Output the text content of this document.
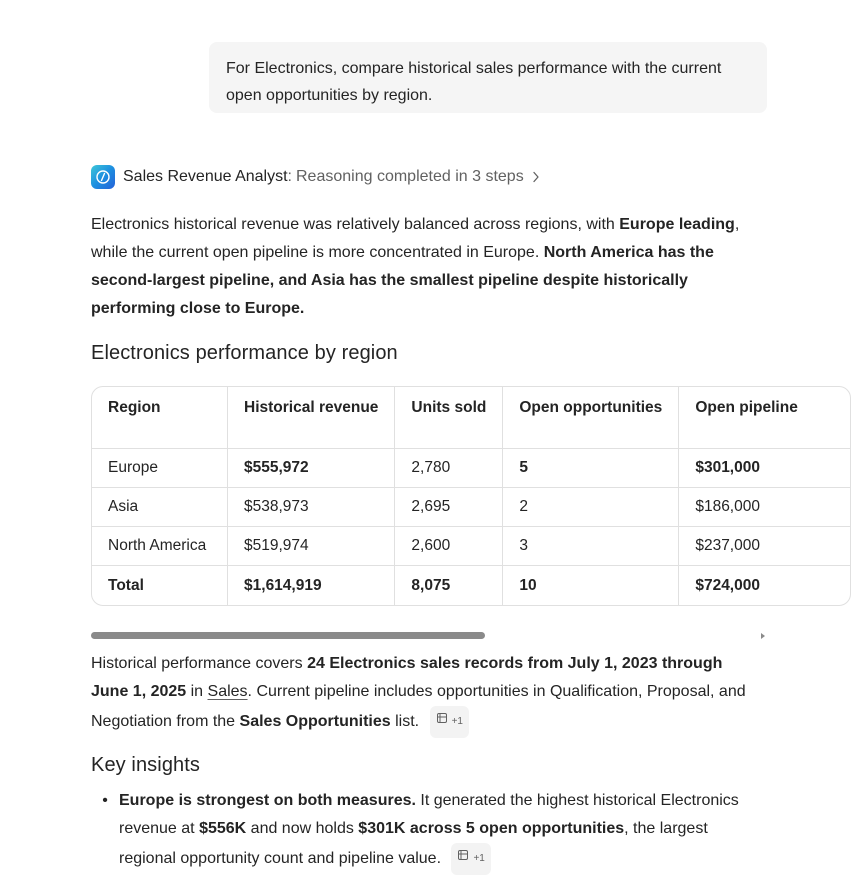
For Electronics, compare historical sales performance with the current open opportunities by region.
Sales Revenue Analyst : Reasoning completed in 3 steps
Electronics historical revenue was relatively balanced across regions, with Europe leading, while the current open pipeline is more concentrated in Europe. North America has the second-largest pipeline, and Asia has the smallest pipeline despite historically performing close to Europe.
Electronics performance by region
Region	Historical revenue	Units sold	Open opportunities	Open pipeline
Europe	$555,972	2,780	5	$301,000
Asia	$538,973	2,695	2	$186,000
North America	$519,974	2,600	3	$237,000
Total	$1,614,919	8,075	10	$724,000
Historical performance covers 24 Electronics sales records from July 1, 2023 through June 1, 2025 in Sales. Current pipeline includes opportunities in Qualification, Proposal, and Negotiation from the Sales Opportunities list.	+1
Key insights
• Europe is strongest on both measures. It generated the highest historical Electronics revenue at $556K and now holds $301K across 5 open opportunities, the largest regional opportunity count and pipeline value.	+1
